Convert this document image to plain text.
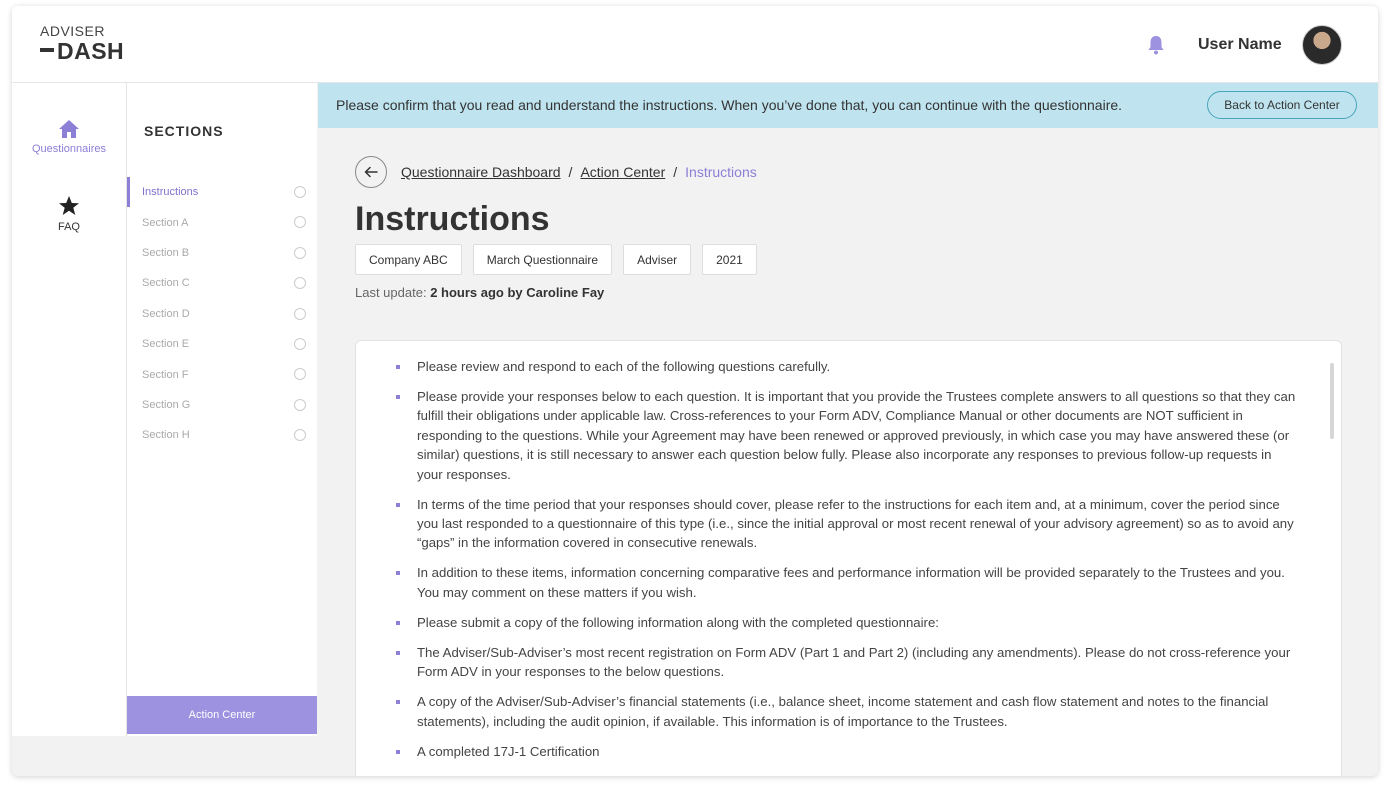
ADVISER
DASH	User Name
Questionnaires
FAQ
SECTIONS
Instructions
Section A
Section B
Section C
Section D
Section E
Section F
Section G
Section H
Action Center
Please confirm that you read and understand the instructions. When you’ve done that, you can continue with the questionnaire.	Back to Action Center
Questionnaire Dashboard / Action Center / Instructions
Instructions
Company ABC	March Questionnaire	Adviser	2021
Last update: 2 hours ago by Caroline Fay
Please review and respond to each of the following questions carefully.
Please provide your responses below to each question. It is important that you provide the Trustees complete answers to all questions so that they can fulfill their obligations under applicable law. Cross-references to your Form ADV, Compliance Manual or other documents are NOT sufficient in responding to the questions. While your Agreement may have been renewed or approved previously, in which case you may have answered these (or similar) questions, it is still necessary to answer each question below fully. Please also incorporate any responses to previous follow-up requests in your responses.
In terms of the time period that your responses should cover, please refer to the instructions for each item and, at a minimum, cover the period since you last responded to a questionnaire of this type (i.e., since the initial approval or most recent renewal of your advisory agreement) so as to avoid any “gaps” in the information covered in consecutive renewals.
In addition to these items, information concerning comparative fees and performance information will be provided separately to the Trustees and you. You may comment on these matters if you wish.
Please submit a copy of the following information along with the completed questionnaire:
The Adviser/Sub-Adviser’s most recent registration on Form ADV (Part 1 and Part 2) (including any amendments). Please do not cross-reference your Form ADV in your responses to the below questions.
A copy of the Adviser/Sub-Adviser’s financial statements (i.e., balance sheet, income statement and cash flow statement and notes to the financial statements), including the audit opinion, if available. This information is of importance to the Trustees.
A completed 17J-1 Certification
